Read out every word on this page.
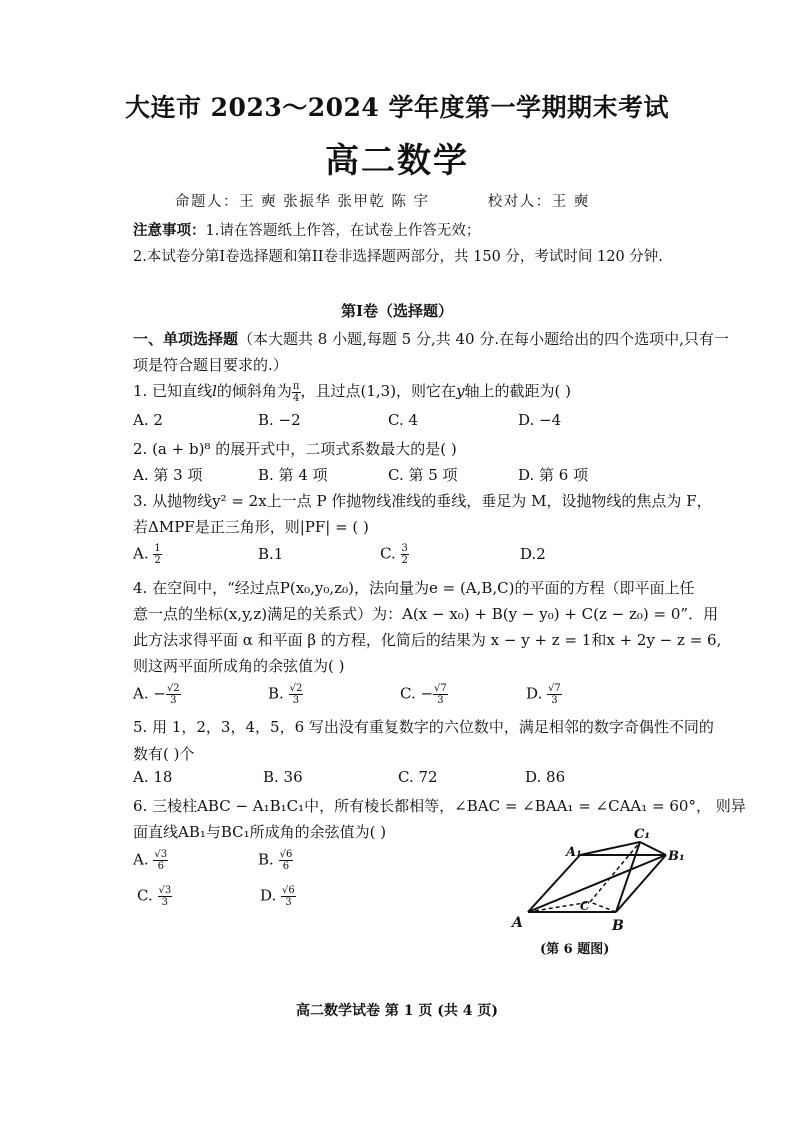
大连市 2023～2024 学年度第一学期期末考试
高二数学
命题人：王 奭 张振华 张甲乾 陈 宇	校对人：王 奭
注意事项：1.请在答题纸上作答，在试卷上作答无效；
2.本试卷分第I卷选择题和第II卷非选择题两部分，共 150 分，考试时间 120 分钟.
第I卷（选择题）
一、单项选择题（本大题共 8 小题,每题 5 分,共 40 分.在每小题给出的四个选项中,只有一
项是符合题目要求的.）
1. 已知直线l的倾斜角为 $\frac{\pi}{4}$ ，且过点(1,3)，则它在y轴上的截距为( )
A. 2	B. −2	C. 4	D. −4
2. (a + b)⁸ 的展开式中，二项式系数最大的是( )
A. 第 3 项	B. 第 4 项	C. 第 5 项	D. 第 6 项
3. 从抛物线y² = 2x上一点 P 作抛物线准线的垂线，垂足为 M，设抛物线的焦点为 F，
若ΔMPF是正三角形，则|PF| = ( )
A. $\frac{1}{2}$	B.1	C. $\frac{3}{2}$	D.2
4. 在空间中，“经过点P(x₀,y₀,z₀)，法向量为e = (A,B,C)的平面的方程（即平面上任
意一点的坐标(x,y,z)满足的关系式）为：A(x − x₀) + B(y − y₀) + C(z − z₀) = 0”．用
此方法求得平面 α 和平面 β 的方程，化简后的结果为 x − y + z = 1和x + 2y − z = 6,
则这两平面所成角的余弦值为( )
A. − $\frac{√2}{3}$	B. $\frac{√2}{3}$	C. − $\frac{√7}{3}$	D. $\frac{√7}{3}$
5. 用 1，2，3，4，5，6 写出没有重复数字的六位数中，满足相邻的数字奇偶性不同的
数有( )个
A. 18	B. 36	C. 72	D. 86
6. 三棱柱ABC − A₁B₁C₁中，所有棱长都相等，∠BAC = ∠BAA₁ = ∠CAA₁ = 60°， 则异
面直线AB₁与BC₁所成角的余弦值为( )
A. $\frac{√3}{6}$	B. $\frac{√6}{6}$
C. $\frac{√3}{3}$	D. $\frac{√6}{3}$
A	B
C
A₁	B₁
C₁
(第 6 题图)
高二数学试卷 第 1 页 (共 4 页)
